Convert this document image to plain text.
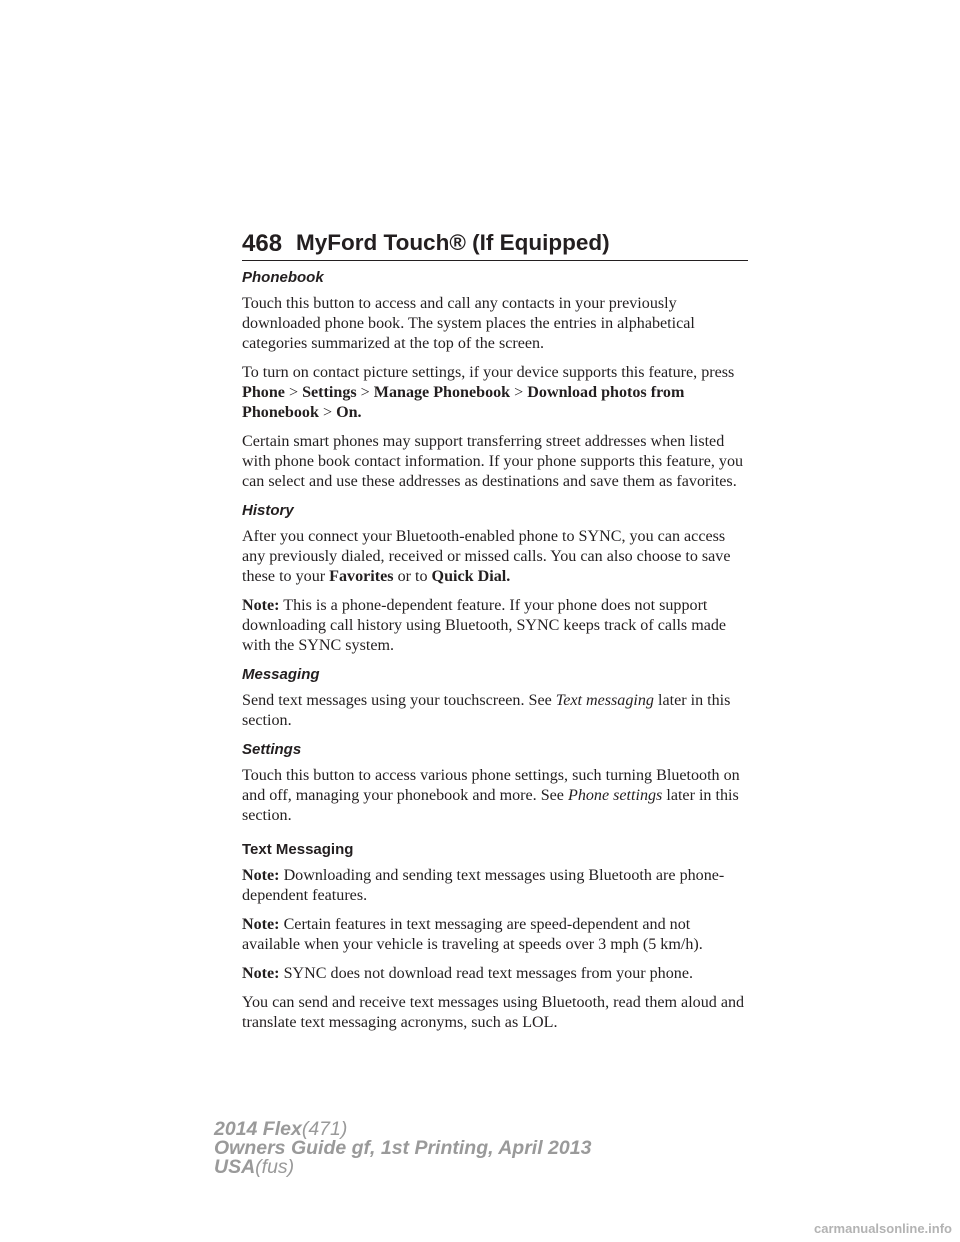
468 MyFord Touch® (If Equipped)
Phonebook

Touch this button to access and call any contacts in your previously downloaded phone book. The system places the entries in alphabetical categories summarized at the top of the screen.

To turn on contact picture settings, if your device supports this feature, press Phone > Settings > Manage Phonebook > Download photos from Phonebook > On.

Certain smart phones may support transferring street addresses when listed with phone book contact information. If your phone supports this feature, you can select and use these addresses as destinations and save them as favorites.

History

After you connect your Bluetooth-enabled phone to SYNC, you can access any previously dialed, received or missed calls. You can also choose to save these to your Favorites or to Quick Dial.

Note: This is a phone-dependent feature. If your phone does not support downloading call history using Bluetooth, SYNC keeps track of calls made with the SYNC system.

Messaging

Send text messages using your touchscreen. See Text messaging later in this section.

Settings

Touch this button to access various phone settings, such turning Bluetooth on and off, managing your phonebook and more. See Phone settings later in this section.

Text Messaging

Note: Downloading and sending text messages using Bluetooth are phone-dependent features.

Note: Certain features in text messaging are speed-dependent and not available when your vehicle is traveling at speeds over 3 mph (5 km/h).

Note: SYNC does not download read text messages from your phone.

You can send and receive text messages using Bluetooth, read them aloud and translate text messaging acronyms, such as LOL.

2014 Flex(471)
Owners Guide gf, 1st Printing, April 2013
USA(fus)
carmanualsonline.info
